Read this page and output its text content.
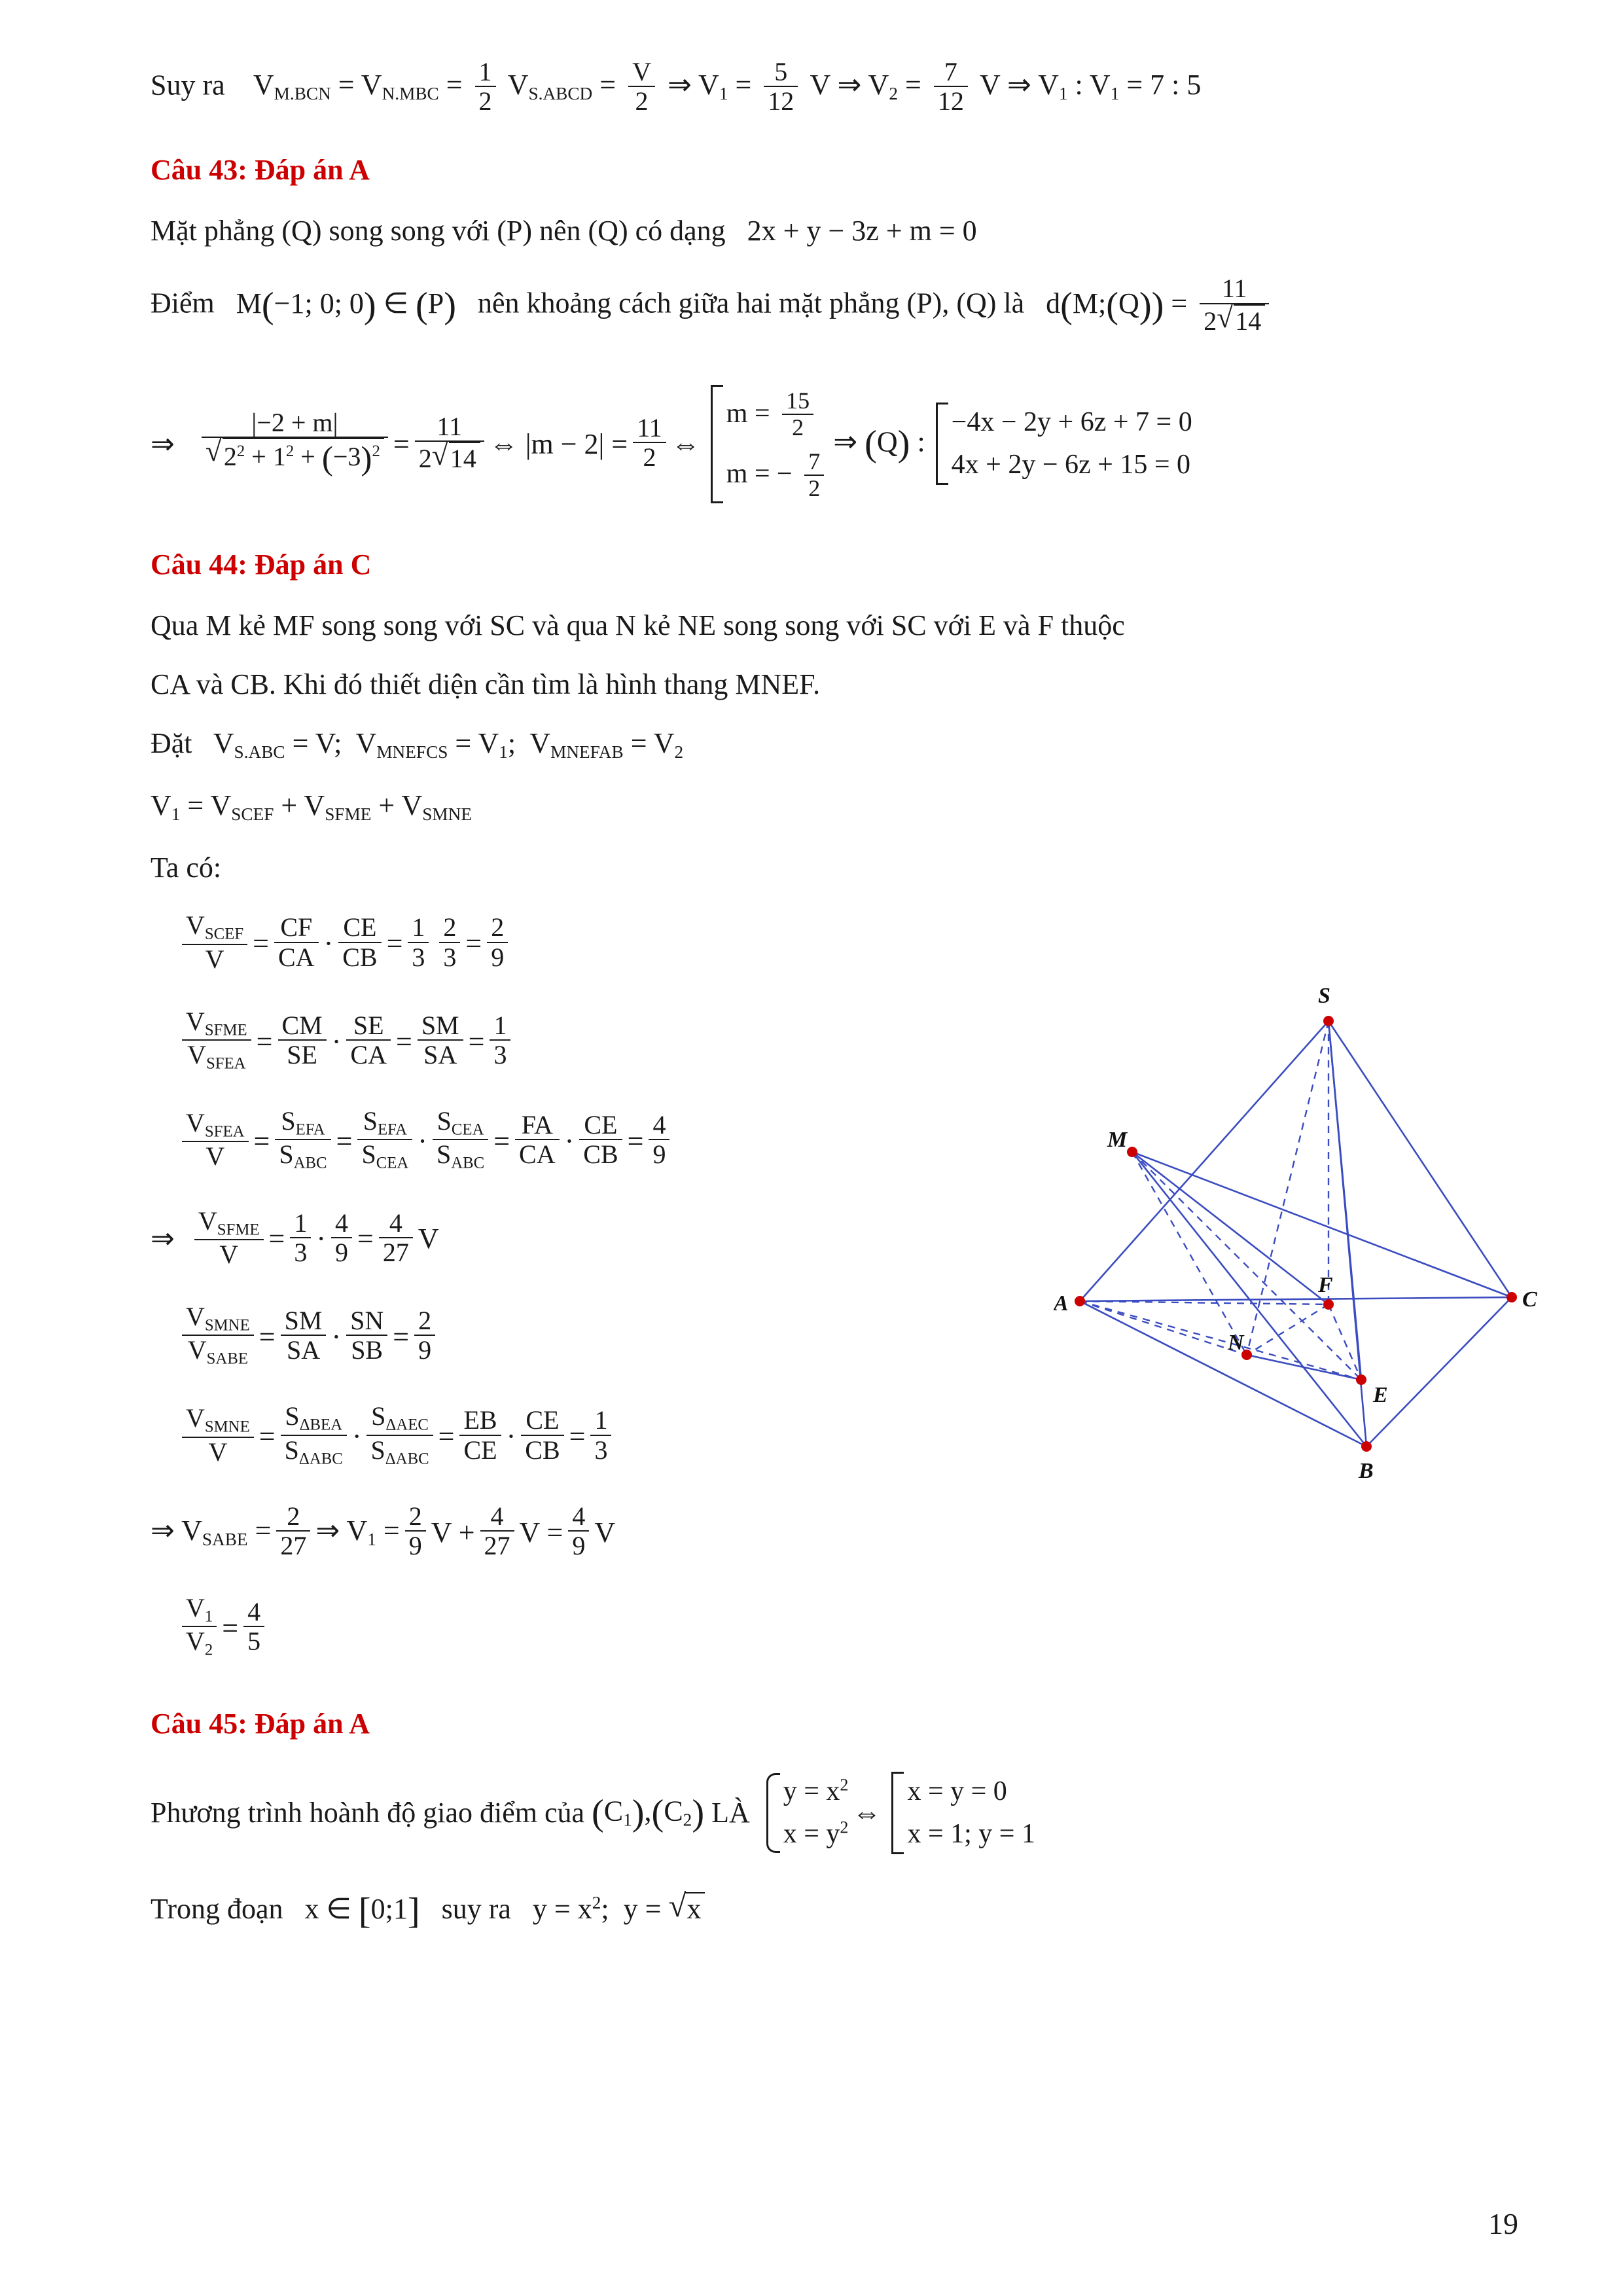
Suy ra    $V_{M.BCN} = V_{N.MBC} = \frac{1}{2} V_{S.ABCD} = \frac{V}{2}$ ⇒ $V_1 = \frac{5}{12}$ V ⇒ $V_2 = \frac{7}{12}$ V ⇒ $V_1$ : $V_1 = 7$ : 5
Câu 43: Đáp án A
Mặt phẳng (Q) song song với (P) nên (Q) có dạng 2x + y − 3z + m = 0
Điểm M(−1; 0; 0) ∈ (P) nên khoảng cách giữa hai mặt phẳng (P), (Q) là d(M;(Q)) = $\frac{11}{2 √ 14}$
⇒
|−2 + m|
√ $2^2 + 1^2 + (-3)^2 = \frac{11}{2 √ 14}$ ⇔ $|m - 2| = \frac{11}{2}$ ⇔
$m = \frac{15}{2}$
m = − $\frac{7}{2}$
⇒ (Q) :
−4x − 2y + 6z + 7 = 0
4x + 2y − 6z + 15 = 0
Câu 44: Đáp án C
Qua M kẻ MF song song với SC và qua N kẻ NE song song với SC với E và F thuộc
CA và CB. Khi đó thiết diện cần tìm là hình thang MNEF.
Đặt $V_{S.ABC} = V$;  $V_{MNEFCS} = V_1$;  $V_{MNEFAB} = V_2$
$V_1 = V_{SCEF} + V_{SFME} + V_{SMNE}$
Ta có:
$\frac{V_{SCEF}}{V} = \frac{CF}{CA} \cdot \frac{CE}{CB} = \frac{1}{3} \frac{2}{3} = \frac{2}{9}$
$\frac{V_{SFME}}{V_{SFEA}} = \frac{CM}{SE} \cdot \frac{SE}{CA} = \frac{SM}{SA} = \frac{1}{3}$
$\frac{V_{SFEA}}{V} = \frac{S_{EFA}}{S_{ABC}} = \frac{S_{EFA}}{S_{CEA}} \cdot \frac{S_{CEA}}{S_{ABC}} = \frac{FA}{CA} \cdot \frac{CE}{CB} = \frac{4}{9}$
⇒
$\frac{V_{SFME}}{V} = \frac{1}{3} \cdot \frac{4}{9} = \frac{4}{27}$ V
$\frac{V_{SMNE}}{V_{SABE}} = \frac{SM}{SA} \cdot \frac{SN}{SB} = \frac{2}{9}$
$\frac{V_{SMNE}}{V} = \frac{S_{\Delta BEA}}{S_{\Delta ABC}} \cdot \frac{S_{\Delta AEC}}{S_{\Delta ABC}} = \frac{EB}{CE} \cdot \frac{CE}{CB} = \frac{1}{3}$
⇒ $V_{SABE} = \frac{2}{27}$ ⇒ $V_1 = \frac{2}{9}$ $V + \frac{4}{27}$ $V = \frac{4}{9}$ V
$\frac{V_1}{V_2} = \frac{4}{5}$
Câu 45: Đáp án A
Phương trình hoành độ giao điểm của
$(C_1),(C_2)$
LÀ

$y = x^2$
$x = y^2$ ⇔
x = y = 0
x = 1; y = 1
Trong đoạn x ∈ [0;1] suy ra $y = x^2$;  y = √ x
S
M
A	C
F
N
E
B
19
